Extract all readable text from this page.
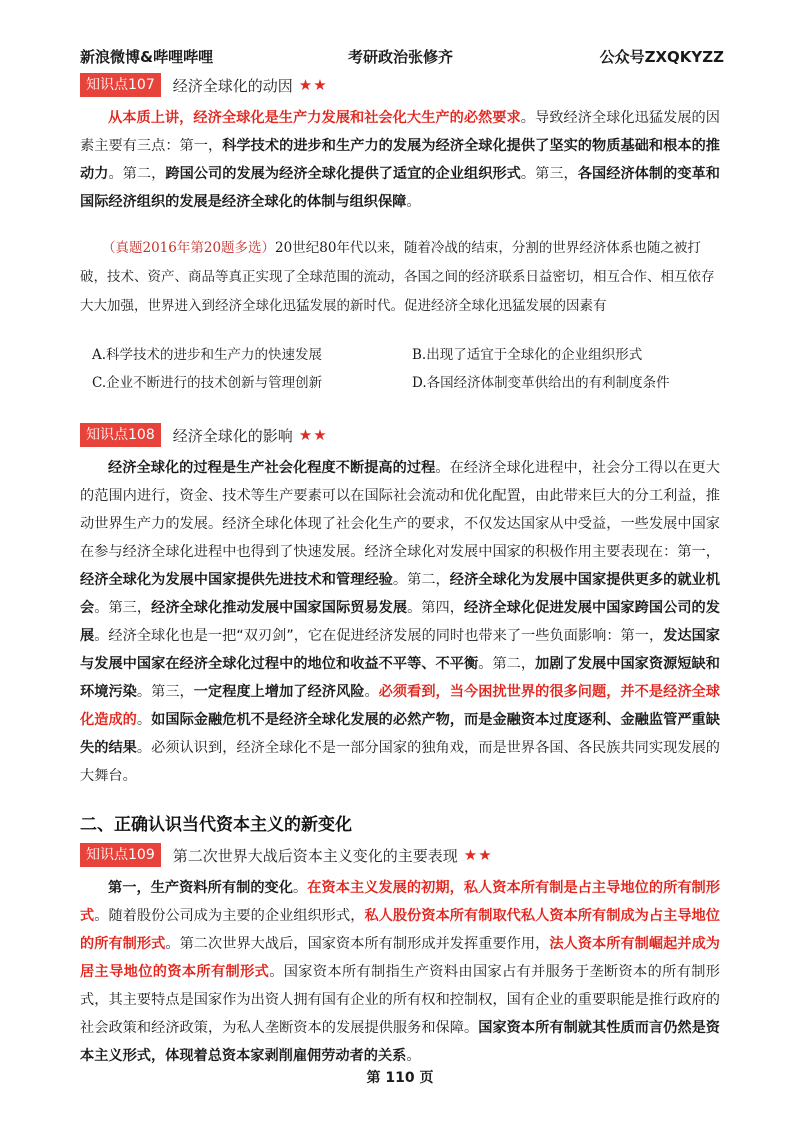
新浪微博&哔哩哔哩	考研政治张修齐	公众号ZXQKYZZ
知识点107	经济全球化的动因 ★★

从本质上讲，经济全球化是生产力发展和社会化大生产的必然要求。导致经济全球化迅猛发展的因素主要有三点：第一，科学技术的进步和生产力的发展为经济全球化提供了坚实的物质基础和根本的推动力。第二，跨国公司的发展为经济全球化提供了适宜的企业组织形式。第三，各国经济体制的变革和国际经济组织的发展是经济全球化的体制与组织保障。

（真题2016年第20题多选）20世纪80年代以来，随着冷战的结束，分割的世界经济体系也随之被打破，技术、资产、商品等真正实现了全球范围的流动，各国之间的经济联系日益密切，相互合作、相互依存大大加强，世界进入到经济全球化迅猛发展的新时代。促进经济全球化迅猛发展的因素有

A.科学技术的进步和生产力的快速发展	B.出现了适宜于全球化的企业组织形式
C.企业不断进行的技术创新与管理创新	D.各国经济体制变革供给出的有利制度条件
知识点108	经济全球化的影响 ★★

经济全球化的过程是生产社会化程度不断提高的过程。在经济全球化进程中，社会分工得以在更大的范围内进行，资金、技术等生产要素可以在国际社会流动和优化配置，由此带来巨大的分工利益，推动世界生产力的发展。经济全球化体现了社会化生产的要求，不仅发达国家从中受益，一些发展中国家在参与经济全球化进程中也得到了快速发展。经济全球化对发展中国家的积极作用主要表现在：第一，经济全球化为发展中国家提供先进技术和管理经验。第二，经济全球化为发展中国家提供更多的就业机会。第三，经济全球化推动发展中国家国际贸易发展。第四，经济全球化促进发展中国家跨国公司的发展。经济全球化也是一把“双刃剑”，它在促进经济发展的同时也带来了一些负面影响：第一，发达国家与发展中国家在经济全球化过程中的地位和收益不平等、不平衡。第二，加剧了发展中国家资源短缺和环境污染。第三，一定程度上增加了经济风险。必须看到，当今困扰世界的很多问题，并不是经济全球化造成的。如国际金融危机不是经济全球化发展的必然产物，而是金融资本过度逐利、金融监管严重缺失的结果。必须认识到，经济全球化不是一部分国家的独角戏，而是世界各国、各民族共同实现发展的大舞台。

二、正确认识当代资本主义的新变化
知识点109	第二次世界大战后资本主义变化的主要表现 ★★

第一，生产资料所有制的变化。在资本主义发展的初期，私人资本所有制是占主导地位的所有制形式。随着股份公司成为主要的企业组织形式，私人股份资本所有制取代私人资本所有制成为占主导地位的所有制形式。第二次世界大战后，国家资本所有制形成并发挥重要作用，法人资本所有制崛起并成为居主导地位的资本所有制形式。国家资本所有制指生产资料由国家占有并服务于垄断资本的所有制形式，其主要特点是国家作为出资人拥有国有企业的所有权和控制权，国有企业的重要职能是推行政府的社会政策和经济政策，为私人垄断资本的发展提供服务和保障。国家资本所有制就其性质而言仍然是资本主义形式，体现着总资本家剥削雇佣劳动者的关系。

第 110 页
